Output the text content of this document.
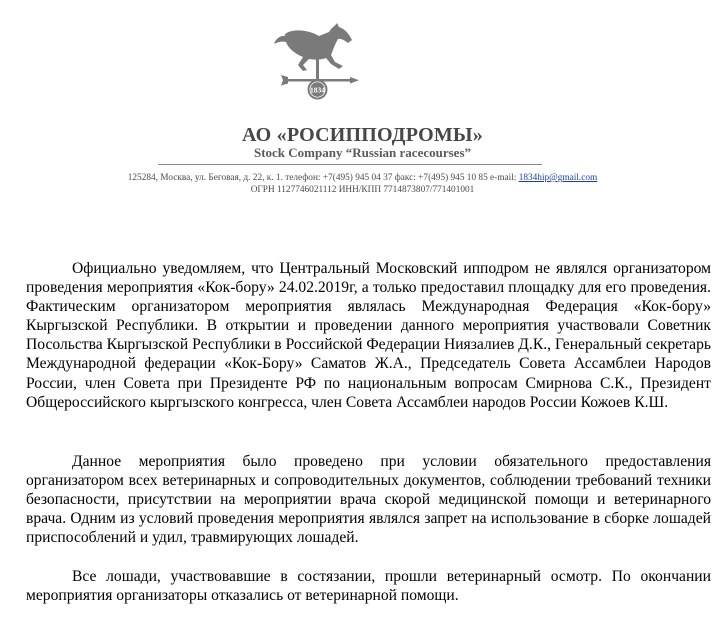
1834
АО «РОСИППОДРОМЫ»
Stock Company “Russian racecourses”
125284, Москва, ул. Беговая, д. 22, к. 1. телефон: +7(495) 945 04 37 факс: +7(495) 945 10 85 e-mail: 1834hip@gmail.com
ОГРН 1127746021112 ИНН/КПП 7714873807/771401001

Официально уведомляем, что Центральный Московский ипподром не являлся организатором проведения мероприятия «Кок-бору» 24.02.2019г, а только предоставил площадку для его проведения. Фактическим организатором мероприятия являлась Международная Федерация «Кок-бору» Кыргызской Республики. В открытии и проведении данного мероприятия участвовали Советник Посольства Кыргызской Республики в Российской Федерации Ниязалиев Д.К., Генеральный секретарь Международной федерации «Кок-Бору» Саматов Ж.А., Председатель Совета Ассамблеи Народов России, член Совета при Президенте РФ по национальным вопросам Смирнова С.К., Президент Общероссийского кыргызского конгресса, член Совета Ассамблеи народов России Кожоев К.Ш.

Данное мероприятия было проведено при условии обязательного предоставления организатором всех ветеринарных и сопроводительных документов, соблюдении требований техники безопасности, присутствии на мероприятии врача скорой медицинской помощи и ветеринарного врача. Одним из условий проведения мероприятия являлся запрет на использование в сборке лошадей приспособлений и удил, травмирующих лошадей.

Все лошади, участвовавшие в состязании, прошли ветеринарный осмотр. По окончании мероприятия организаторы отказались от ветеринарной помощи.
